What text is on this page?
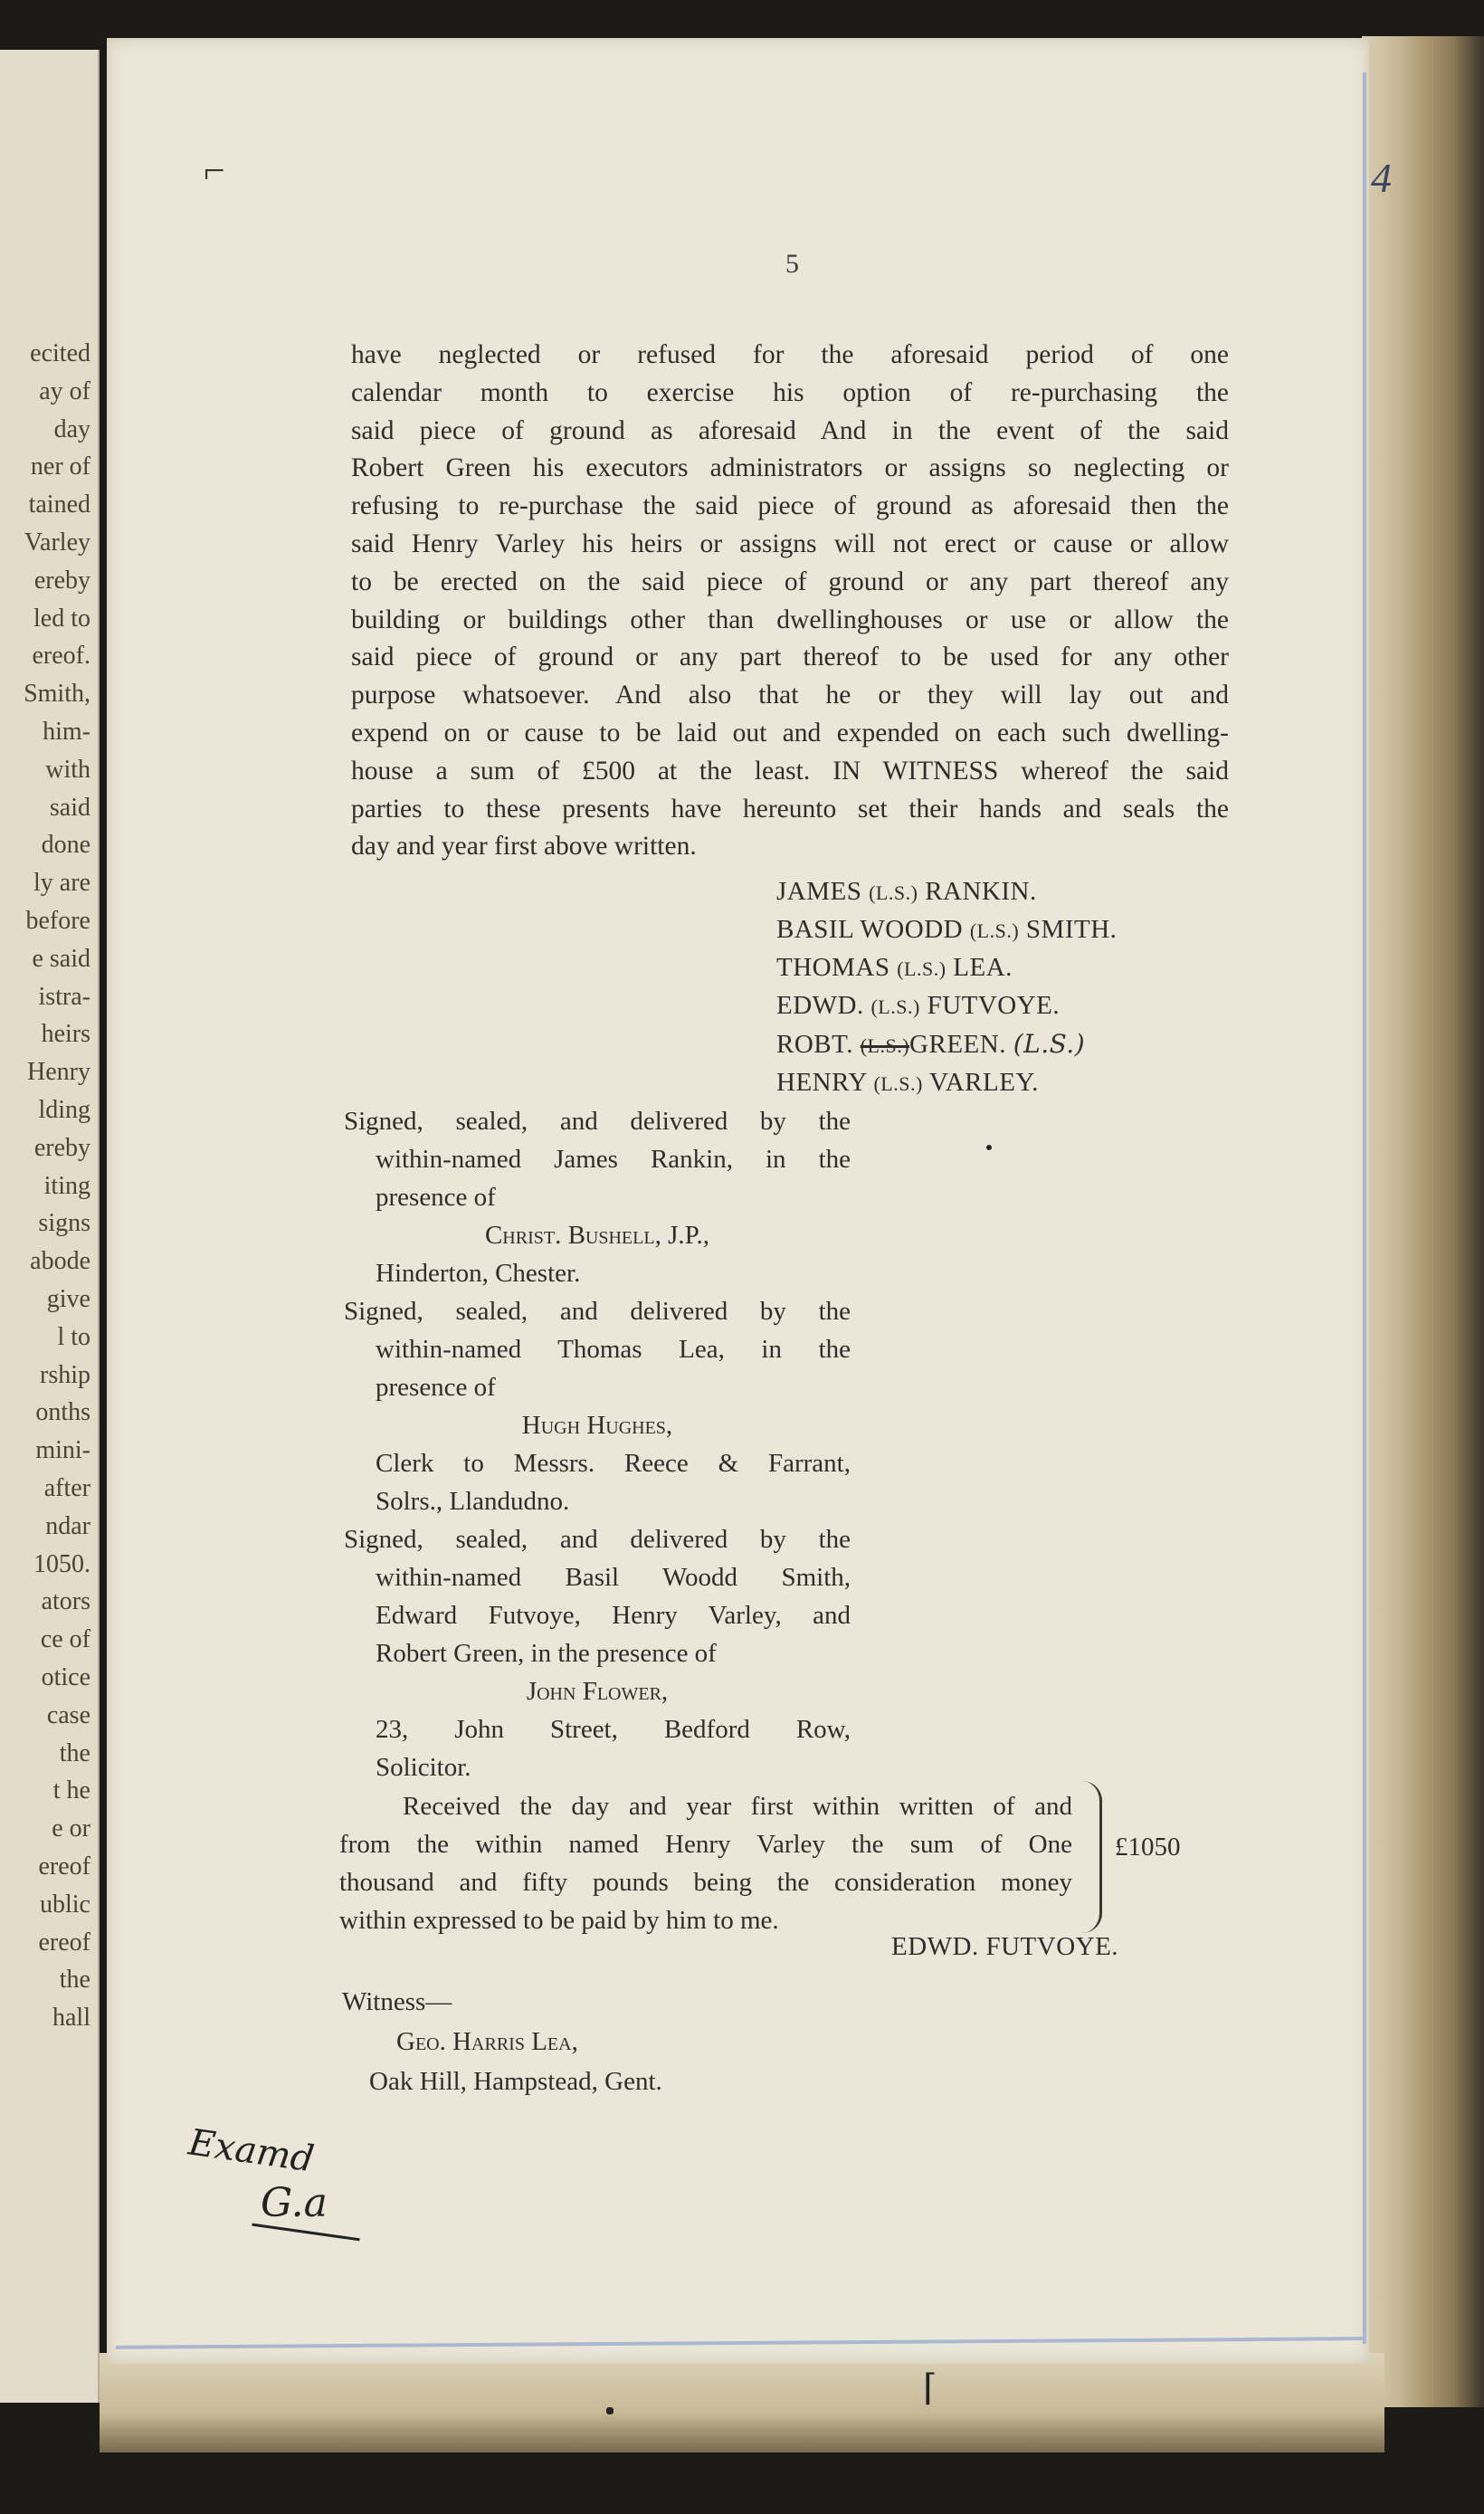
ecited
ay of
day
ner of
tained
Varley
ereby
led to
ereof.
Smith,
him-
with
said
done
ly are
before
e said
istra-
heirs
Henry
lding
ereby
iting
signs
abode
give
l to
rship
onths
mini-
after
ndar
1050.
ators
ce of
otice
case
the
t he
e or
ereof
ublic
ereof
the
hall
⌐	4
5
have neglected or refused for the aforesaid period of one
calendar month to exercise his option of re-purchasing the
said piece of ground as aforesaid And in the event of the said
Robert Green his executors administrators or assigns so neglecting or
refusing to re-purchase the said piece of ground as aforesaid then the
said Henry Varley his heirs or assigns will not erect or cause or allow
to be erected on the said piece of ground or any part thereof any
building or buildings other than dwellinghouses or use or allow the
said piece of ground or any part thereof to be used for any other
purpose whatsoever. And also that he or they will lay out and
expend on or cause to be laid out and expended on each such dwelling-
house a sum of £500 at the least. IN WITNESS whereof the said
parties to these presents have hereunto set their hands and seals the
day and year first above written.
JAMES (L.S.) RANKIN.
BASIL WOODD (L.S.) SMITH.
THOMAS (L.S.) LEA.
EDWD. (L.S.) FUTVOYE.
ROBT. (L.S.)GREEN. (L.S.)
HENRY (L.S.) VARLEY.
Signed, sealed, and delivered by the
within-named James Rankin, in the
presence of
Christ. Bushell, J.P.,
Hinderton, Chester.
Signed, sealed, and delivered by the
within-named Thomas Lea, in the
presence of
Hugh Hughes,
Clerk to Messrs. Reece & Farrant,
Solrs., Llandudno.
Signed, sealed, and delivered by the
within-named Basil Woodd Smith,
Edward Futvoye, Henry Varley, and
Robert Green, in the presence of
John Flower,
23, John Street, Bedford Row,
Solicitor.
Received the day and year first within written of and
from the within named Henry Varley the sum of One
thousand and fifty pounds being the consideration money
within expressed to be paid by him to me.
£1050
EDWD. FUTVOYE.
Witness—
Geo. Harris Lea,
Oak Hill, Hampstead, Gent.
Examd
G.a
⌈
